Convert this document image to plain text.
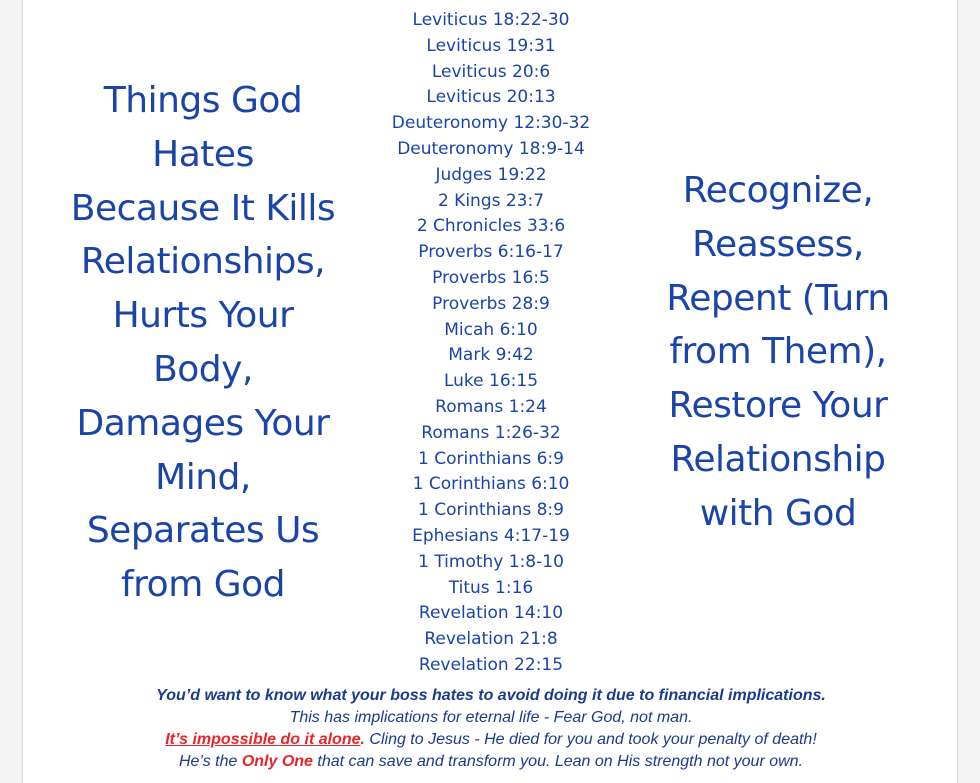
Things God
Hates
Because It Kills
Relationships,
Hurts Your
Body,
Damages Your
Mind,
Separates Us
from God
Leviticus 18:22-30
Leviticus 19:31
Leviticus 20:6
Leviticus 20:13
Deuteronomy 12:30-32
Deuteronomy 18:9-14
Judges 19:22
2 Kings 23:7
2 Chronicles 33:6
Proverbs 6:16-17
Proverbs 16:5
Proverbs 28:9
Micah 6:10
Mark 9:42
Luke 16:15
Romans 1:24
Romans 1:26-32
1 Corinthians 6:9
1 Corinthians 6:10
1 Corinthians 8:9
Ephesians 4:17-19
1 Timothy 1:8-10
Titus 1:16
Revelation 14:10
Revelation 21:8
Revelation 22:15
Recognize,
Reassess,
Repent (Turn
from Them),
Restore Your
Relationship
with God

You’d want to know what your boss hates to avoid doing it due to financial implications.

This has implications for eternal life - Fear God, not man.

It’s impossible do it alone. Cling to Jesus - He died for you and took your penalty of death!

He’s the Only One that can save and transform you. Lean on His strength not your own.
